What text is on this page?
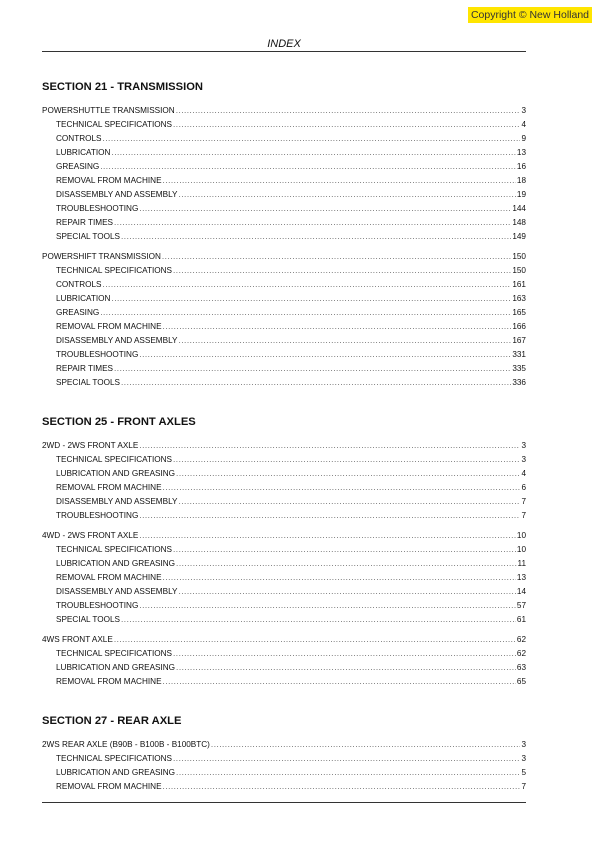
Copyright © New Holland
INDEX
SECTION 21 - TRANSMISSION
POWERSHUTTLE TRANSMISSION .....	3
TECHNICAL SPECIFICATIONS .....	4
CONTROLS .....	9
LUBRICATION .....	13
GREASING .....	16
REMOVAL FROM MACHINE .....	18
DISASSEMBLY AND ASSEMBLY .....	19
TROUBLESHOOTING .....	144
REPAIR TIMES .....	148
SPECIAL TOOLS .....	149
POWERSHIFT TRANSMISSION .....	150
TECHNICAL SPECIFICATIONS .....	150
CONTROLS .....	161
LUBRICATION .....	163
GREASING .....	165
REMOVAL FROM MACHINE .....	166
DISASSEMBLY AND ASSEMBLY .....	167
TROUBLESHOOTING .....	331
REPAIR TIMES .....	335
SPECIAL TOOLS .....	336
SECTION 25 - FRONT AXLES
2WD - 2WS FRONT AXLE .....	3
TECHNICAL SPECIFICATIONS .....	3
LUBRICATION AND GREASING .....	4
REMOVAL FROM MACHINE .....	6
DISASSEMBLY AND ASSEMBLY .....	7
TROUBLESHOOTING .....	7
4WD - 2WS FRONT AXLE .....	10
TECHNICAL SPECIFICATIONS .....	10
LUBRICATION AND GREASING .....	11
REMOVAL FROM MACHINE .....	13
DISASSEMBLY AND ASSEMBLY .....	14
TROUBLESHOOTING .....	57
SPECIAL TOOLS .....	61
4WS FRONT AXLE .....	62
TECHNICAL SPECIFICATIONS .....	62
LUBRICATION AND GREASING .....	63
REMOVAL FROM MACHINE .....	65
SECTION 27 - REAR AXLE
2WS REAR AXLE (B90B - B100B - B100BTC) .....	3
TECHNICAL SPECIFICATIONS .....	3
LUBRICATION AND GREASING .....	5
REMOVAL FROM MACHINE .....	7
